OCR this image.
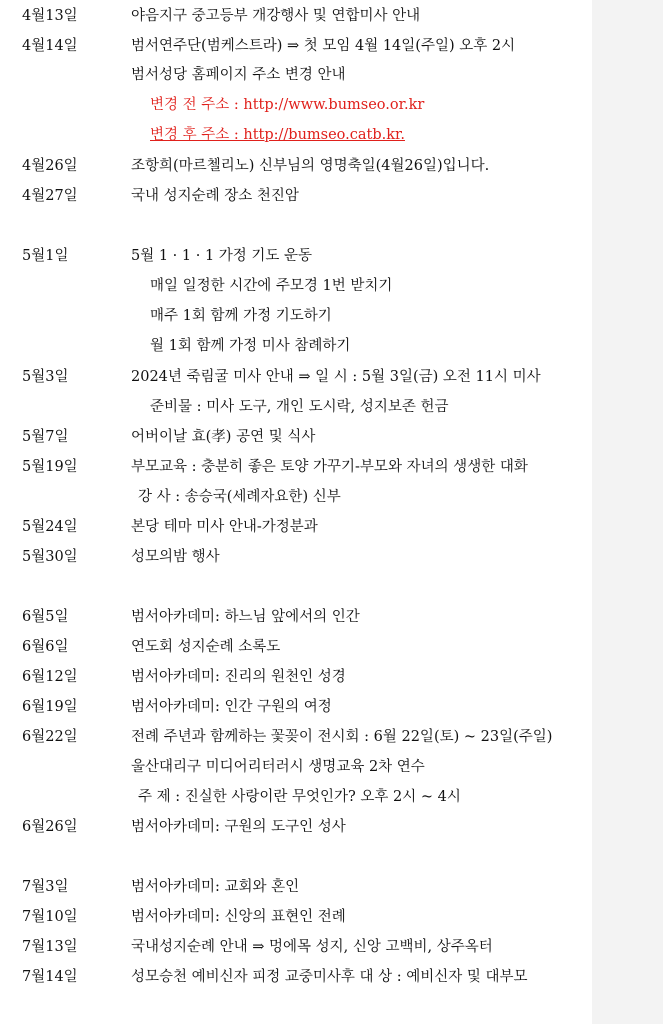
4월13일	야음지구 중고등부 개강행사 및 연합미사 안내
4월14일	범서연주단(범케스트라) ⇒ 첫 모임 4월 14일(주일) 오후 2시
범서성당 홈페이지 주소 변경 안내
변경 전 주소 : http://www.bumseo.or.kr
변경 후 주소 : http://bumseo.catb.kr.
4월26일	조항희(마르첼리노) 신부님의 영명축일(4월26일)입니다.
4월27일	국내 성지순례 장소 천진암
5월1일	5월 1 · 1 · 1 가정 기도 운동
매일 일정한 시간에 주모경 1번 받치기
매주 1회 함께 가정 기도하기
월 1회 함께 가정 미사 참례하기
5월3일	2024년 죽림굴 미사 안내 ⇒ 일 시 : 5월 3일(금) 오전 11시 미사
준비물 : 미사 도구, 개인 도시락, 성지보존 헌금
5월7일	어버이날 효(孝) 공연 및 식사
5월19일	부모교육 : 충분히 좋은 토양 가꾸기-부모와 자녀의 생생한 대화
강 사 : 송승국(세례자요한) 신부
5월24일	본당 테마 미사 안내-가정분과
5월30일	성모의밤 행사
6월5일	범서아카데미: 하느님 앞에서의 인간
6월6일	연도회 성지순례 소록도
6월12일	범서아카데미: 진리의 원천인 성경
6월19일	범서아카데미: 인간 구원의 여정
6월22일	전례 주년과 함께하는 꽃꽂이 전시회 : 6월 22일(토) ~ 23일(주일)
울산대리구 미디어리터러시 생명교육 2차 연수
주 제 : 진실한 사랑이란 무엇인가? 오후 2시 ~ 4시
6월26일	범서아카데미: 구원의 도구인 성사
7월3일	범서아카데미: 교회와 혼인
7월10일	범서아카데미: 신앙의 표현인 전례
7월13일	국내성지순례 안내 ⇒ 멍에목 성지, 신앙 고백비, 상주옥터
7월14일	성모승천 예비신자 피정 교중미사후 대 상 : 예비신자 및 대부모
